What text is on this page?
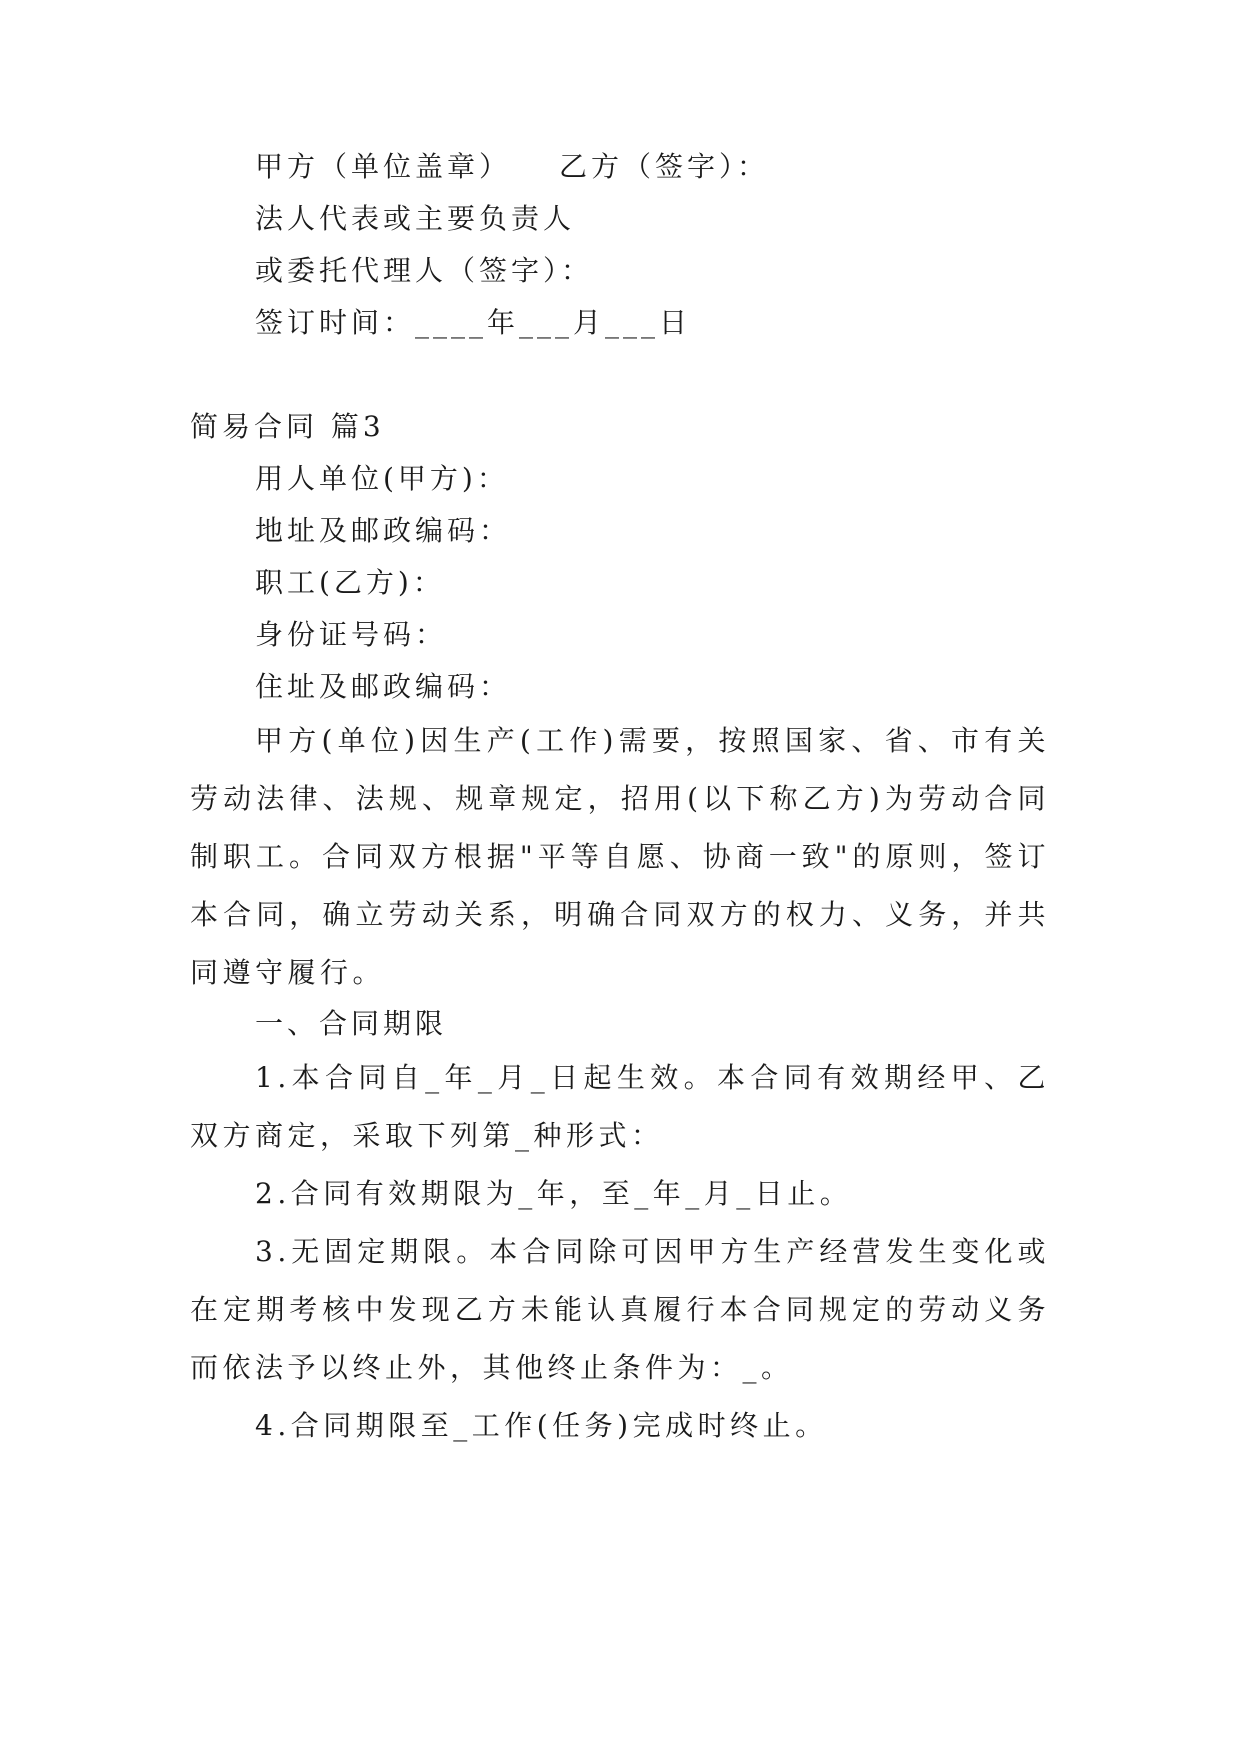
甲方（单位盖章） 乙方（签字）：
法人代表或主要负责人
或委托代理人（签字）：
签订时间：____年___月___日
简易合同 篇3
用人单位(甲方)：
地址及邮政编码：
职工(乙方)：
身份证号码：
住址及邮政编码：

甲方(单位)因生产(工作)需要，按照国家、省、市有关劳动法律、法规、规章规定，招用(以下称乙方)为劳动合同制职工。合同双方根据"平等自愿、协商一致"的原则，签订本合同，确立劳动关系，明确合同双方的权力、义务，并共同遵守履行。

一、合同期限

1.本合同自_年_月_日起生效。本合同有效期经甲、乙双方商定，采取下列第_种形式：

2.合同有效期限为_年，至_年_月_日止。

3.无固定期限。本合同除可因甲方生产经营发生变化或在定期考核中发现乙方未能认真履行本合同规定的劳动义务而依法予以终止外，其他终止条件为：_。

4.合同期限至_工作(任务)完成时终止。
